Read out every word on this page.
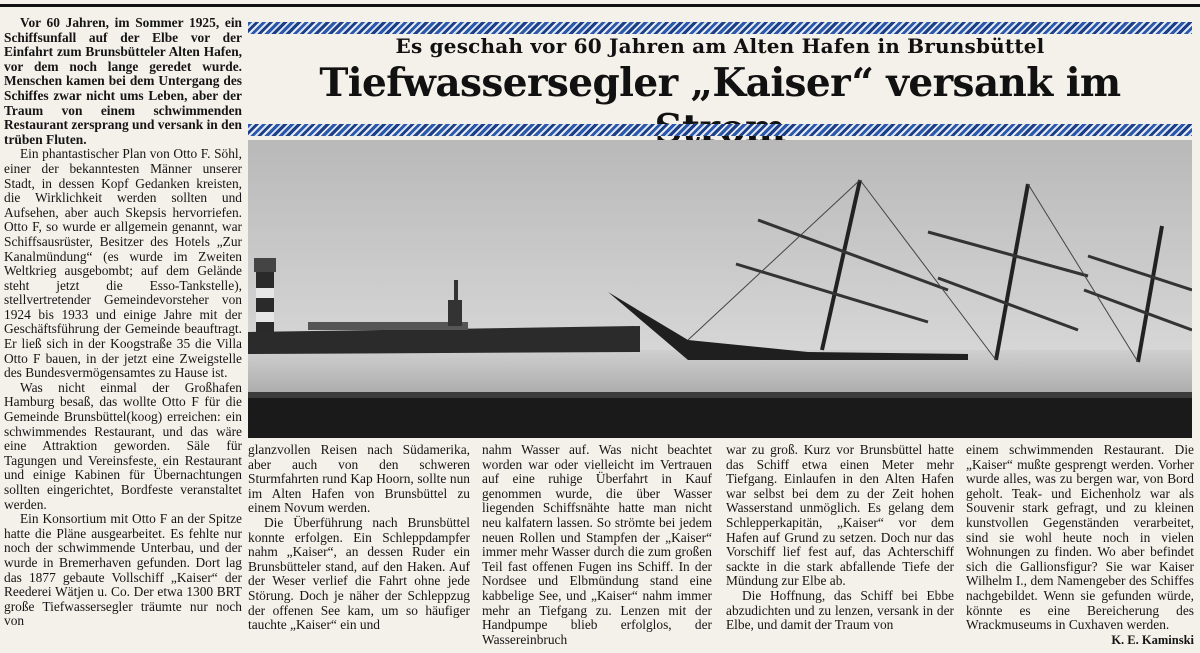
Vor 60 Jahren, im Sommer 1925, ein Schiffsunfall auf der Elbe vor der Einfahrt zum Brunsbütteler Alten Hafen, vor dem noch lange geredet wurde. Menschen kamen bei dem Untergang des Schiffes zwar nicht ums Leben, aber der Traum von einem schwimmenden Restaurant zersprang und versank in den trüben Fluten.

Ein phantastischer Plan von Otto F. Söhl, einer der bekanntesten Männer unserer Stadt, in dessen Kopf Gedanken kreisten, die Wirklichkeit werden sollten und Aufsehen, aber auch Skepsis hervorriefen. Otto F, so wurde er allgemein genannt, war Schiffsausrüster, Besitzer des Hotels „Zur Kanalmündung“ (es wurde im Zweiten Weltkrieg ausgebombt; auf dem Gelände steht jetzt die Esso-Tankstelle), stellvertretender Gemeindevorsteher von 1924 bis 1933 und einige Jahre mit der Geschäftsführung der Gemeinde beauftragt. Er ließ sich in der Koogstraße 35 die Villa Otto F bauen, in der jetzt eine Zweigstelle des Bundesvermögensamtes zu Hause ist.

Was nicht einmal der Großhafen Hamburg besaß, das wollte Otto F für die Gemeinde Brunsbüttel(koog) erreichen: ein schwimmendes Restaurant, und das wäre eine Attraktion geworden. Säle für Tagungen und Vereinsfeste, ein Restaurant und einige Kabinen für Übernachtungen sollten eingerichtet, Bordfeste veranstaltet werden.

Ein Konsortium mit Otto F an der Spitze hatte die Pläne ausgearbeitet. Es fehlte nur noch der schwimmende Unterbau, und der wurde in Bremerhaven gefunden. Dort lag das 1877 gebaute Vollschiff „Kaiser“ der Reederei Wätjen u. Co. Der etwa 1300 BRT große Tiefwassersegler träumte nur noch von

Es geschah vor 60 Jahren am Alten Hafen in Brunsbüttel
Tiefwassersegler „Kaiser“ versank im

glanzvollen Reisen nach Südamerika, aber auch von den schweren Sturmfahrten rund Kap Hoorn, sollte nun im Alten Hafen von Brunsbüttel zu einem Novum werden.

Die Überführung nach Brunsbüttel konnte erfolgen. Ein Schleppdampfer nahm „Kaiser“, an dessen Ruder ein Brunsbütteler stand, auf den Haken. Auf der Weser verlief die Fahrt ohne jede Störung. Doch je näher der Schleppzug der offenen See kam, um so häufiger tauchte „Kaiser“ ein und

nahm Wasser auf. Was nicht beachtet worden war oder vielleicht im Vertrauen auf eine ruhige Überfahrt in Kauf genommen wurde, die über Wasser liegenden Schiffsnähte hatte man nicht neu kalfatern lassen. So strömte bei jedem neuen Rollen und Stampfen der „Kaiser“ immer mehr Wasser durch die zum großen Teil fast offenen Fugen ins Schiff. In der Nordsee und Elbmündung stand eine kabbelige See, und „Kaiser“ nahm immer mehr an Tiefgang zu. Lenzen mit der Handpumpe blieb erfolglos, der Wassereinbruch

war zu groß. Kurz vor Brunsbüttel hatte das Schiff etwa einen Meter mehr Tiefgang. Einlaufen in den Alten Hafen war selbst bei dem zu der Zeit hohen Wasserstand unmöglich. Es gelang dem Schlepperkapitän, „Kaiser“ vor dem Hafen auf Grund zu setzen. Doch nur das Vorschiff lief fest auf, das Achterschiff sackte in die stark abfallende Tiefe der Mündung zur Elbe ab.

Die Hoffnung, das Schiff bei Ebbe abzudichten und zu lenzen, versank in der Elbe, und damit der Traum von

einem schwimmenden Restaurant. Die „Kaiser“ mußte gesprengt werden. Vorher wurde alles, was zu bergen war, von Bord geholt. Teak- und Eichenholz war als Souvenir stark gefragt, und zu kleinen kunstvollen Gegenständen verarbeitet, sind sie wohl heute noch in vielen Wohnungen zu finden. Wo aber befindet sich die Gallionsfigur? Sie war Kaiser Wilhelm I., dem Namengeber des Schiffes nachgebildet. Wenn sie gefunden würde, könnte es eine Bereicherung des Wrackmuseums in Cuxhaven werden.

K. E. Kaminski
